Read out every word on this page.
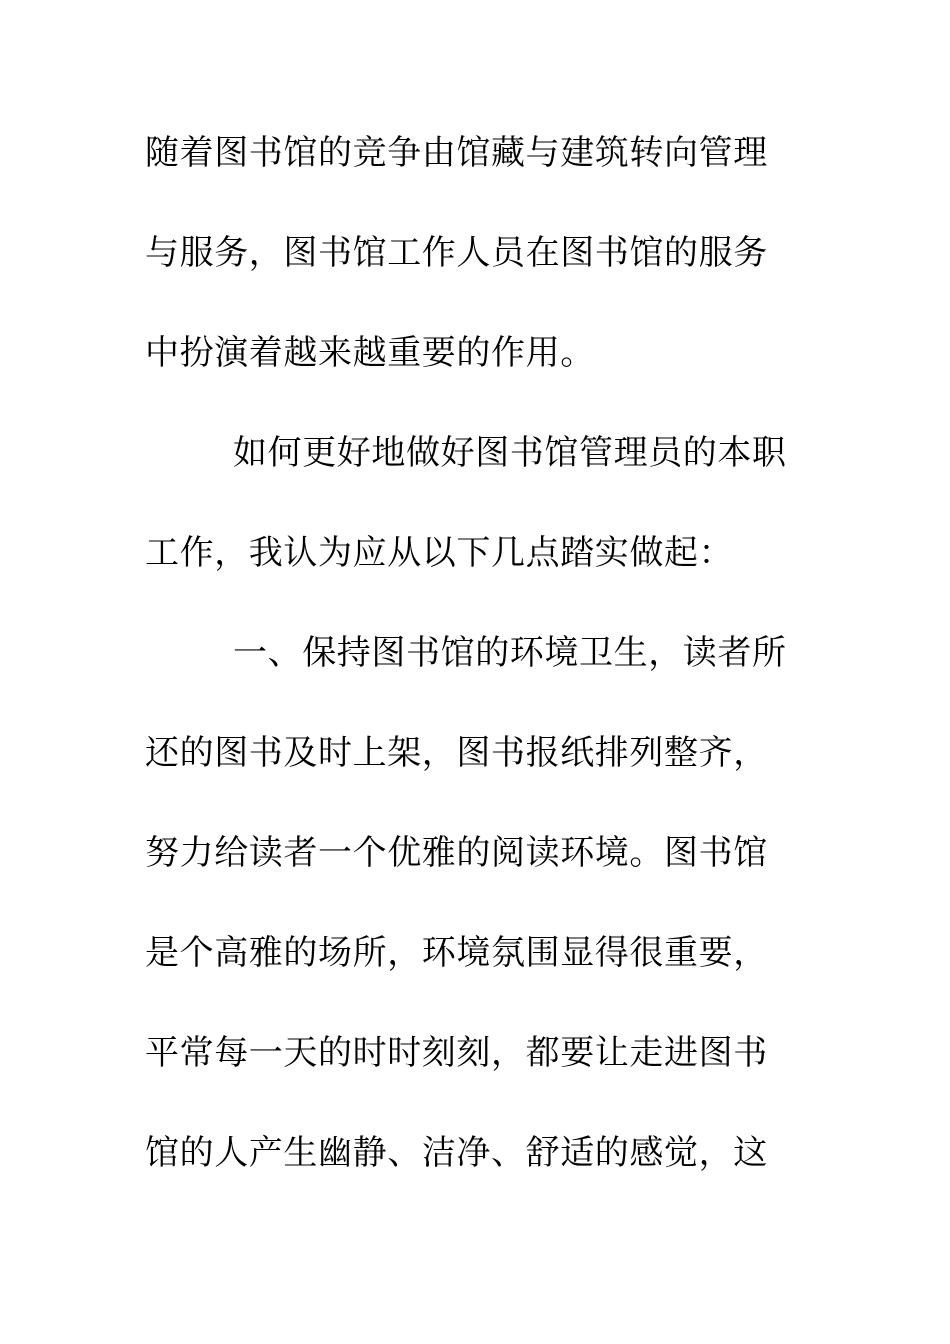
随着图书馆的竞争由馆藏与建筑转向管理
与服务，图书馆工作人员在图书馆的服务
中扮演着越来越重要的作用。
如何更好地做好图书馆管理员的本职
工作，我认为应从以下几点踏实做起：
一、保持图书馆的环境卫生，读者所
还的图书及时上架，图书报纸排列整齐，
努力给读者一个优雅的阅读环境。图书馆
是个高雅的场所，环境氛围显得很重要，
平常每一天的时时刻刻，都要让走进图书
馆的人产生幽静、洁净、舒适的感觉，这
